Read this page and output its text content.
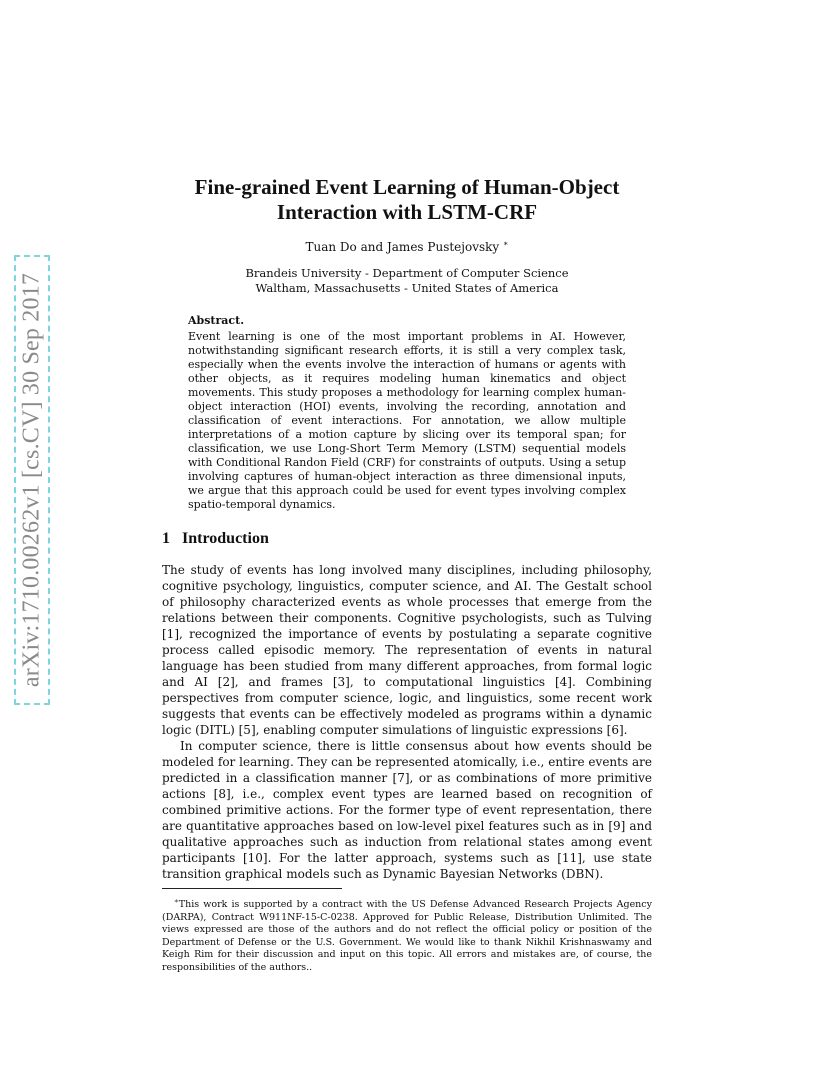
arXiv:1710.00262v1 [cs.CV] 30 Sep 2017
Fine-grained Event Learning of Human-Object Interaction with LSTM-CRF
Tuan Do and James Pustejovsky ∗
Brandeis University - Department of Computer Science
Waltham, Massachusetts - United States of America
Abstract.
Event learning is one of the most important problems in AI. However, notwithstanding significant research efforts, it is still a very complex task, especially when the events involve the interaction of humans or agents with other objects, as it requires modeling human kinematics and object movements. This study proposes a methodology for learning complex human-object interaction (HOI) events, involving the recording, annotation and classification of event interactions. For annotation, we allow multiple interpretations of a motion capture by slicing over its temporal span; for classification, we use Long-Short Term Memory (LSTM) sequential models with Conditional Randon Field (CRF) for constraints of outputs. Using a setup involving captures of human-object interaction as three dimensional inputs, we argue that this approach could be used for event types involving complex spatio-temporal dynamics.
1 Introduction

The study of events has long involved many disciplines, including philosophy, cognitive psychology, linguistics, computer science, and AI. The Gestalt school of philosophy characterized events as whole processes that emerge from the relations between their components. Cognitive psychologists, such as Tulving [1], recognized the importance of events by postulating a separate cognitive process called episodic memory. The representation of events in natural language has been studied from many different approaches, from formal logic and AI [2], and frames [3], to computational linguistics [4]. Combining perspectives from computer science, logic, and linguistics, some recent work suggests that events can be effectively modeled as programs within a dynamic logic (DITL) [5], enabling computer simulations of linguistic expressions [6].

In computer science, there is little consensus about how events should be modeled for learning. They can be represented atomically, i.e., entire events are predicted in a classification manner [7], or as combinations of more primitive actions [8], i.e., complex event types are learned based on recognition of combined primitive actions. For the former type of event representation, there are quantitative approaches based on low-level pixel features such as in [9] and qualitative approaches such as induction from relational states among event participants [10]. For the latter approach, systems such as [11], use state transition graphical models such as Dynamic Bayesian Networks (DBN).

∗This work is supported by a contract with the US Defense Advanced Research Projects Agency (DARPA), Contract W911NF-15-C-0238. Approved for Public Release, Distribution Unlimited. The views expressed are those of the authors and do not reflect the official policy or position of the Department of Defense or the U.S. Government. We would like to thank Nikhil Krishnaswamy and Keigh Rim for their discussion and input on this topic. All errors and mistakes are, of course, the responsibilities of the authors..
